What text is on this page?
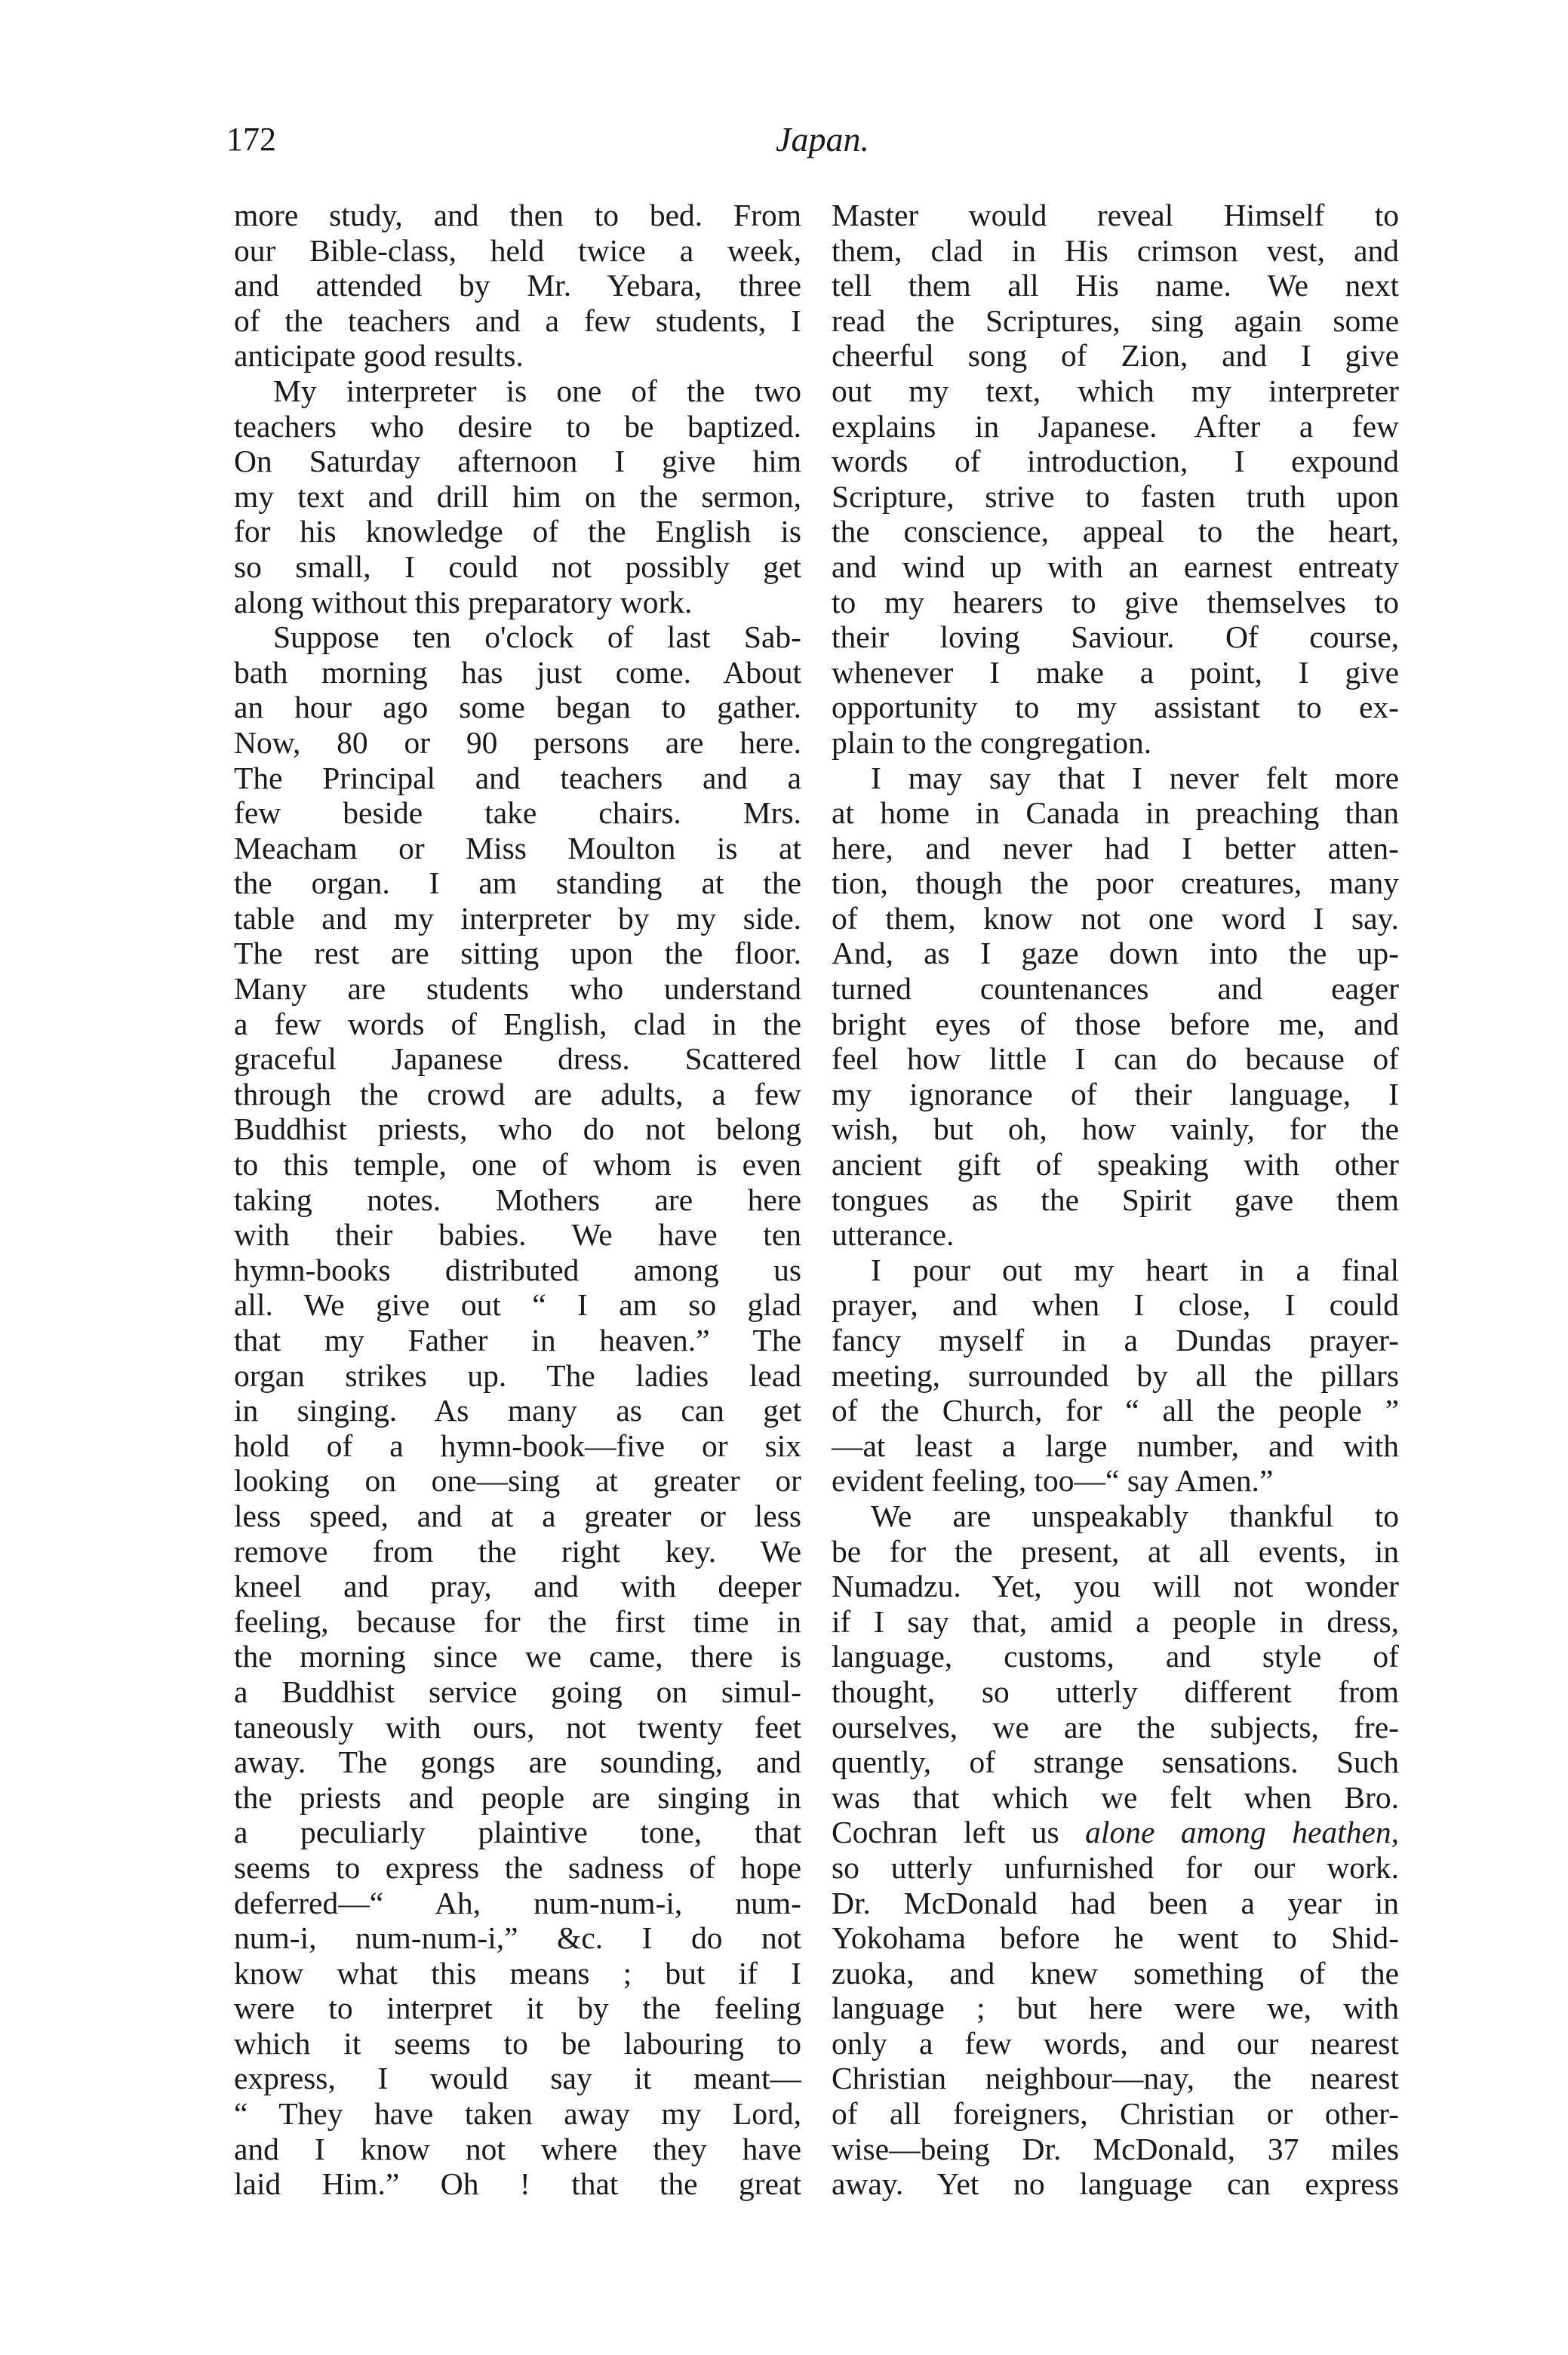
172	Japan.
more study, and then to bed. From
our Bible-class, held twice a week,
and attended by Mr. Yebara, three
of the teachers and a few students, I
anticipate good results.
My interpreter is one of the two
teachers who desire to be baptized.
On Saturday afternoon I give him
my text and drill him on the sermon,
for his knowledge of the English is
so small, I could not possibly get
along without this preparatory work.
Suppose ten o'clock of last Sab-
bath morning has just come. About
an hour ago some began to gather.
Now, 80 or 90 persons are here.
The Principal and teachers and a
few beside take chairs. Mrs.
Meacham or Miss Moulton is at
the organ. I am standing at the
table and my interpreter by my side.
The rest are sitting upon the floor.
Many are students who understand
a few words of English, clad in the
graceful Japanese dress. Scattered
through the crowd are adults, a few
Buddhist priests, who do not belong
to this temple, one of whom is even
taking notes. Mothers are here
with their babies. We have ten
hymn-books distributed among us
all. We give out “ I am so glad
that my Father in heaven.” The
organ strikes up. The ladies lead
in singing. As many as can get
hold of a hymn-book—five or six
looking on one—sing at greater or
less speed, and at a greater or less
remove from the right key. We
kneel and pray, and with deeper
feeling, because for the first time in
the morning since we came, there is
a Buddhist service going on simul-
taneously with ours, not twenty feet
away. The gongs are sounding, and
the priests and people are singing in
a peculiarly plaintive tone, that
seems to express the sadness of hope
deferred—“ Ah, num-num-i, num-
num-i, num-num-i,” &c. I do not
know what this means ; but if I
were to interpret it by the feeling
which it seems to be labouring to
express, I would say it meant—
“ They have taken away my Lord,
and I know not where they have
laid Him.” Oh ! that the great
Master would reveal Himself to
them, clad in His crimson vest, and
tell them all His name. We next
read the Scriptures, sing again some
cheerful song of Zion, and I give
out my text, which my interpreter
explains in Japanese. After a few
words of introduction, I expound
Scripture, strive to fasten truth upon
the conscience, appeal to the heart,
and wind up with an earnest entreaty
to my hearers to give themselves to
their loving Saviour. Of course,
whenever I make a point, I give
opportunity to my assistant to ex-
plain to the congregation.
I may say that I never felt more
at home in Canada in preaching than
here, and never had I better atten-
tion, though the poor creatures, many
of them, know not one word I say.
And, as I gaze down into the up-
turned countenances and eager
bright eyes of those before me, and
feel how little I can do because of
my ignorance of their language, I
wish, but oh, how vainly, for the
ancient gift of speaking with other
tongues as the Spirit gave them
utterance.
I pour out my heart in a final
prayer, and when I close, I could
fancy myself in a Dundas prayer-
meeting, surrounded by all the pillars
of the Church, for “ all the people ”
—at least a large number, and with
evident feeling, too—“ say Amen.”
We are unspeakably thankful to
be for the present, at all events, in
Numadzu. Yet, you will not wonder
if I say that, amid a people in dress,
language, customs, and style of
thought, so utterly different from
ourselves, we are the subjects, fre-
quently, of strange sensations. Such
was that which we felt when Bro.
Cochran left us alone among heathen,
so utterly unfurnished for our work.
Dr. McDonald had been a year in
Yokohama before he went to Shid-
zuoka, and knew something of the
language ; but here were we, with
only a few words, and our nearest
Christian neighbour—nay, the nearest
of all foreigners, Christian or other-
wise—being Dr. McDonald, 37 miles
away. Yet no language can express
